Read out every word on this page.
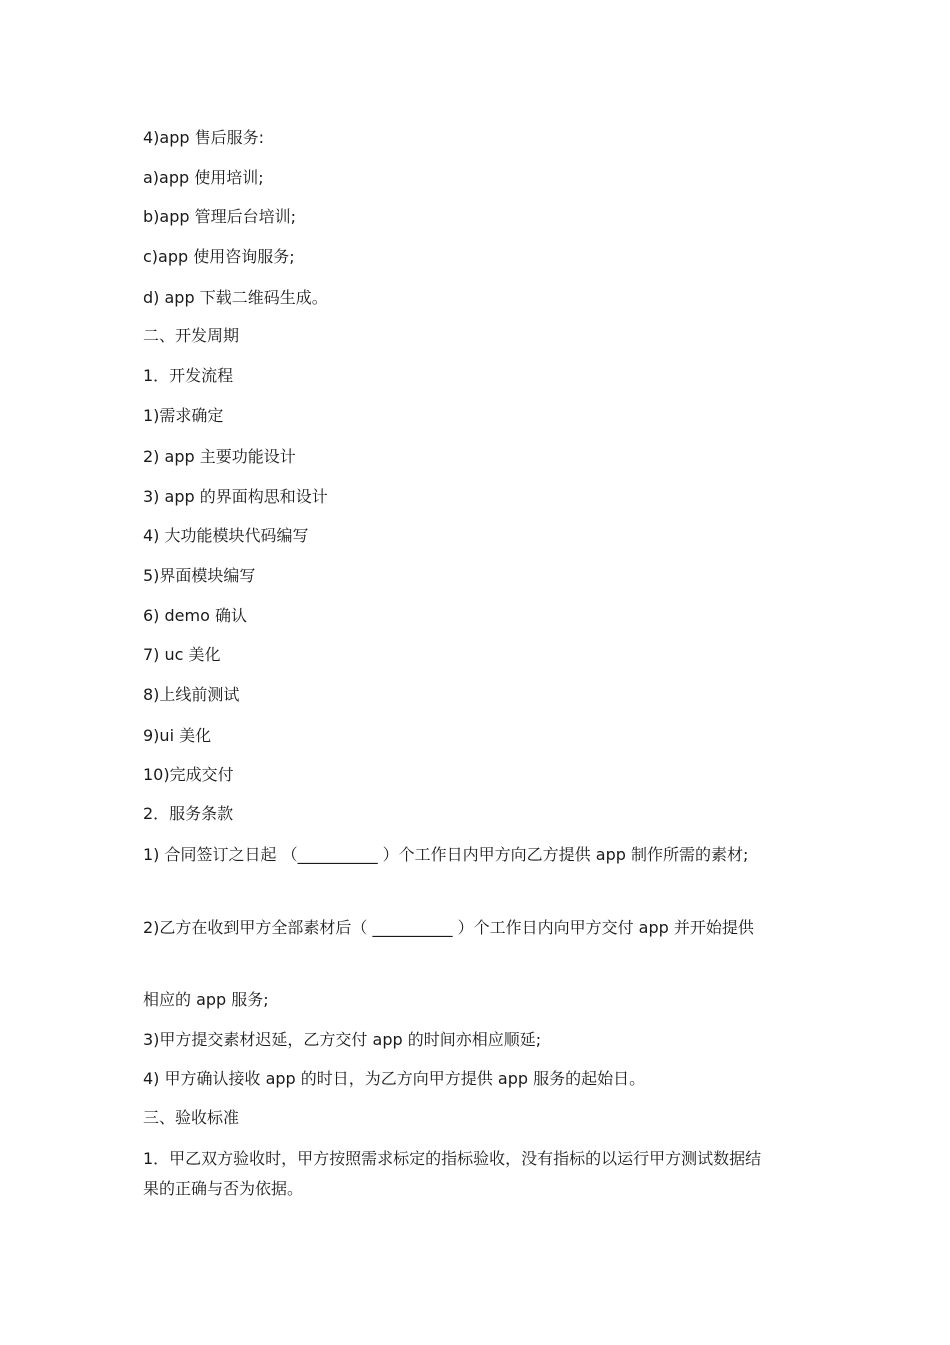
4)app 售后服务:
a)app 使用培训;
b)app 管理后台培训;
c)app 使用咨询服务;
d) app 下载二维码生成。
二、开发周期
1．开发流程
1)需求确定
2) app 主要功能设计
3) app 的界面构思和设计
4) 大功能模块代码编写
5)界面模块编写
6) demo 确认
7) uc 美化
8)上线前测试
9)ui 美化
10)完成交付
2．服务条款
1) 合同签订之日起 （__________ ）个工作日内甲方向乙方提供 app 制作所需的素材;
2)乙方在收到甲方全部素材后（ __________ ）个工作日内向甲方交付 app 并开始提供
相应的 app 服务;
3)甲方提交素材迟延，乙方交付 app 的时间亦相应顺延;
4) 甲方确认接收 app 的时日，为乙方向甲方提供 app 服务的起始日。
三、验收标准
1．甲乙双方验收时，甲方按照需求标定的指标验收，没有指标的以运行甲方测试数据结果的正确与否为依据。
